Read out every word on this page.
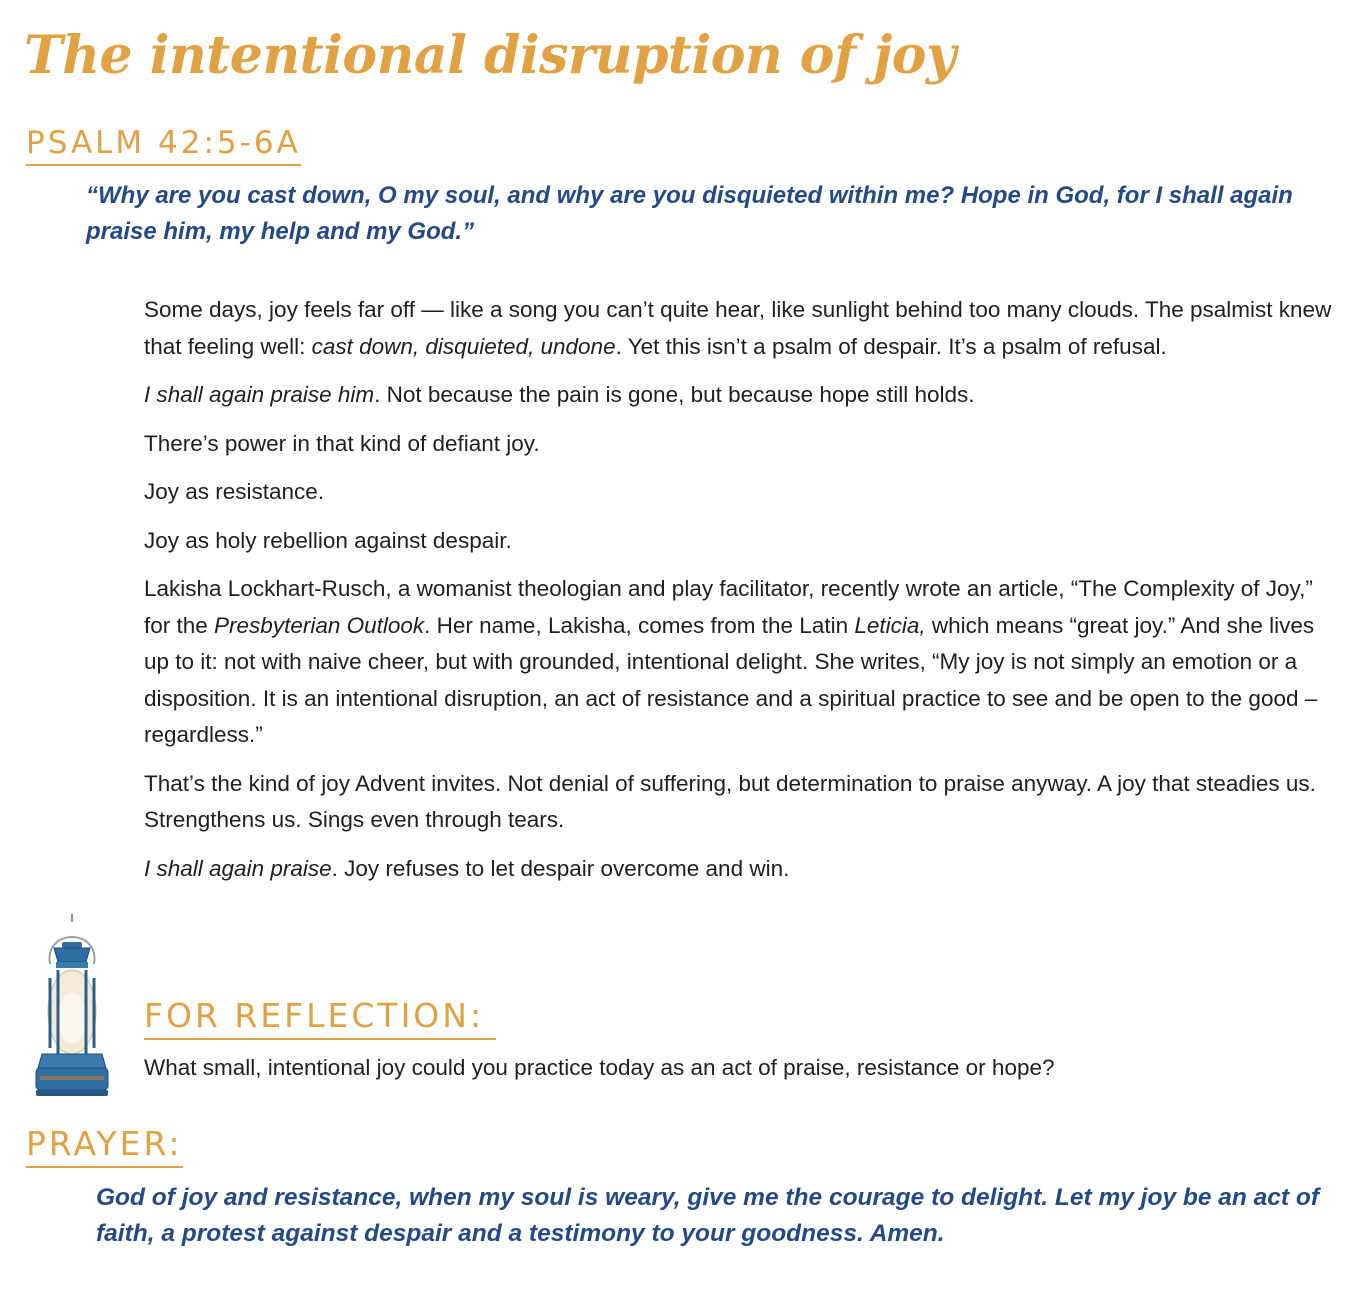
The intentional disruption of joy
PSALM 42:5-6A

“Why are you cast down, O my soul, and why are you disquieted within me? Hope in God, for I shall again praise him, my help and my God.”

Some days, joy feels far off — like a song you can’t quite hear, like sunlight behind too many clouds. The psalmist knew that feeling well: cast down, disquieted, undone. Yet this isn’t a psalm of despair. It’s a psalm of refusal.

I shall again praise him. Not because the pain is gone, but because hope still holds.

There’s power in that kind of defiant joy.

Joy as resistance.

Joy as holy rebellion against despair.

Lakisha Lockhart-Rusch, a womanist theologian and play facilitator, recently wrote an article, “The Complexity of Joy,” for the Presbyterian Outlook. Her name, Lakisha, comes from the Latin Leticia, which means “great joy.” And she lives up to it: not with naive cheer, but with grounded, intentional delight. She writes, “My joy is not simply an emotion or a disposition. It is an intentional disruption, an act of resistance and a spiritual practice to see and be open to the good – regardless.”

That’s the kind of joy Advent invites. Not denial of suffering, but determination to praise anyway. A joy that steadies us. Strengthens us. Sings even through tears.

I shall again praise. Joy refuses to let despair overcome and win.

FOR REFLECTION:

What small, intentional joy could you practice today as an act of praise, resistance or hope?

PRAYER:

God of joy and resistance, when my soul is weary, give me the courage to delight. Let my joy be an act of faith, a protest against despair and a testimony to your goodness. Amen.
